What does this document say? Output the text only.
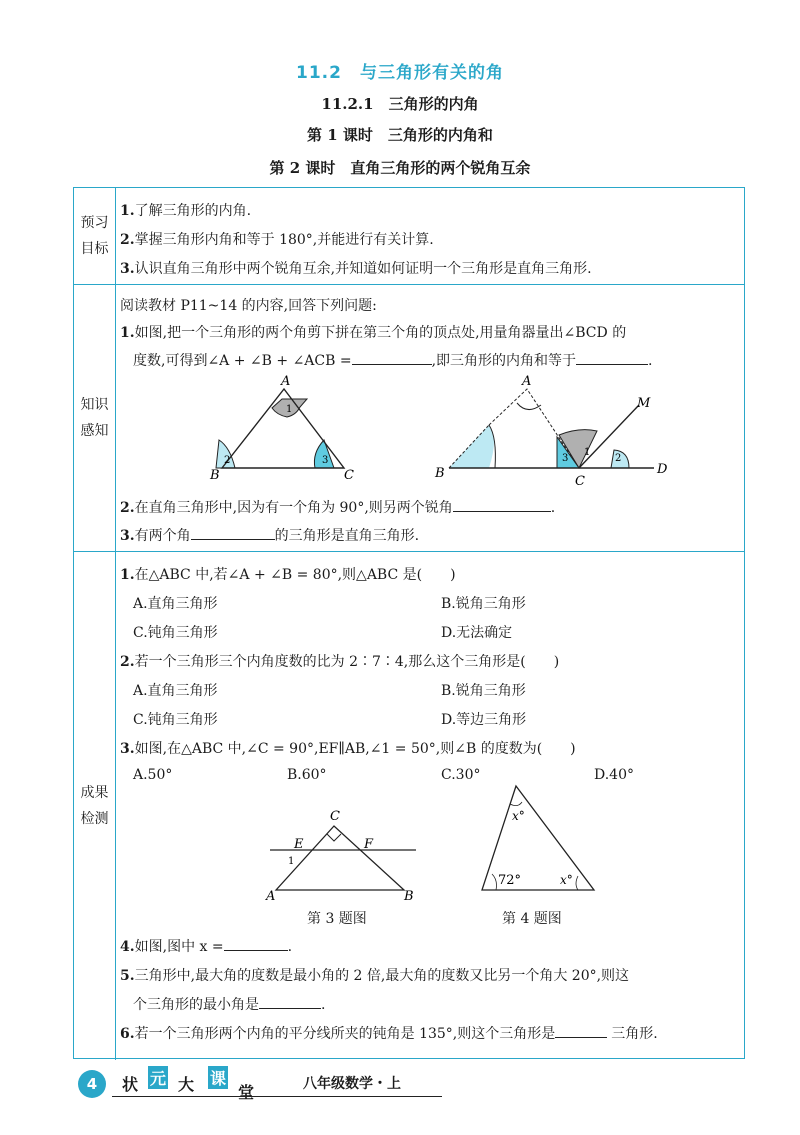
11.2　与三角形有关的角
11.2.1　三角形的内角
第 1 课时　三角形的内角和
第 2 课时　直角三角形的两个锐角互余
预习
目标
1.了解三角形的内角.
2.掌握三角形内角和等于 180°,并能进行有关计算.
3.认识直角三角形中两个锐角互余,并知道如何证明一个三角形是直角三角形.
知识
感知
阅读教材 P11~14 的内容,回答下列问题:
1.如图,把一个三角形的两个角剪下拼在第三个角的顶点处,用量角器量出∠BCD 的
度数,可得到∠A + ∠B + ∠ACB =	,即三角形的内角和等于	.
A
B	C
1
2	3
A
B
C
D
M
1
2
3
2.在直角三角形中,因为有一个角为 90°,则另两个锐角	.
3.有两个角	的三角形是直角三角形.
成果
检测
1.在△ABC 中,若∠A + ∠B = 80°,则△ABC 是(　　)
A.直角三角形	B.锐角三角形
C.钝角三角形	D.无法确定
2.若一个三角形三个内角度数的比为 2∶7∶4,那么这个三角形是(　　)
A.直角三角形	B.锐角三角形
C.钝角三角形	D.等边三角形
3.如图,在△ABC 中,∠C = 90°,EF∥AB,∠1 = 50°,则∠B 的度数为(　　)
A.50°	B.60°	C.30°	D.40°
C
E	F
A	B
1
第 3 题图
x°
72°	x°
第 4 题图
4.如图,图中 x =	.
5.三角形中,最大角的度数是最小角的 2 倍,最大角的度数又比另一个角大 20°,则这
个三角形的最小角是	.
6.若一个三角形两个内角的平分线所夹的钝角是 135°,则这个三角形是	三角形.
4	状 元 大 课
堂	八年级数学・上
